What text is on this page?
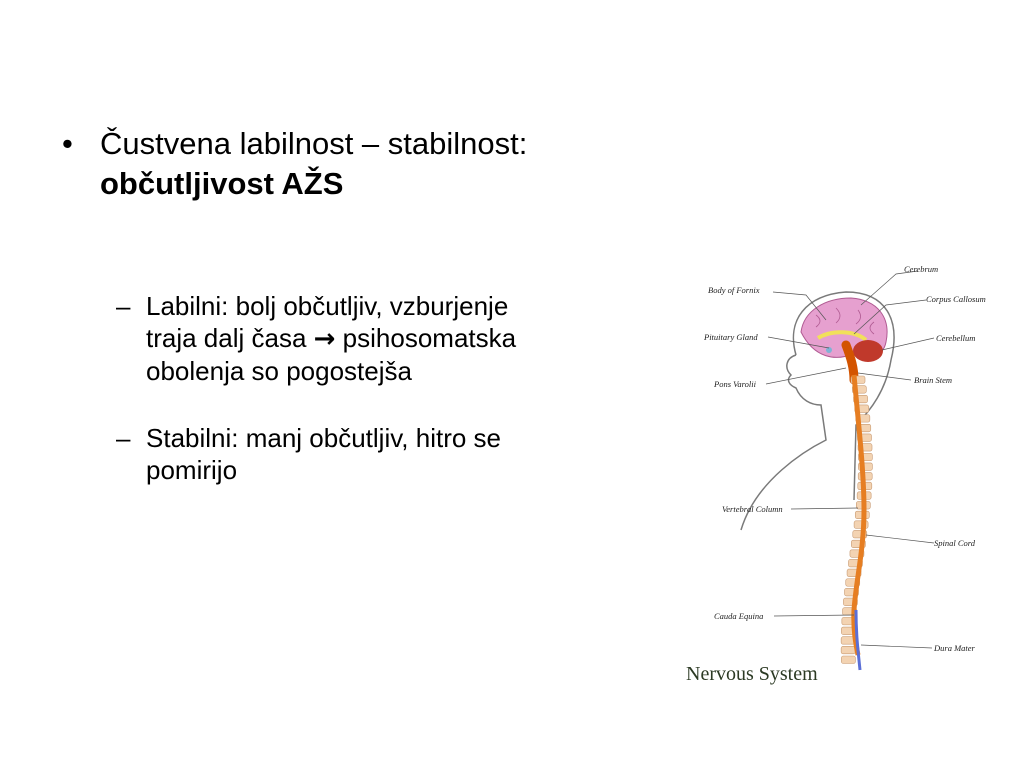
• Čustvena labilnost – stabilnost:
občutljivost AŽS
– Labilni: bolj občutljiv, vzburjenje
traja dalj časa → psihosomatska
obolenja so pogostejša
– Stabilni: manj občutljiv, hitro se
pomirijo
Cerebrum
Body of Fornix
Corpus Callosum
Pituitary Gland	Cerebellum
Pons Varolii	Brain Stem
Vertebral Column
Spinal Cord
Cauda Equina
Dura Mater
Nervous System
